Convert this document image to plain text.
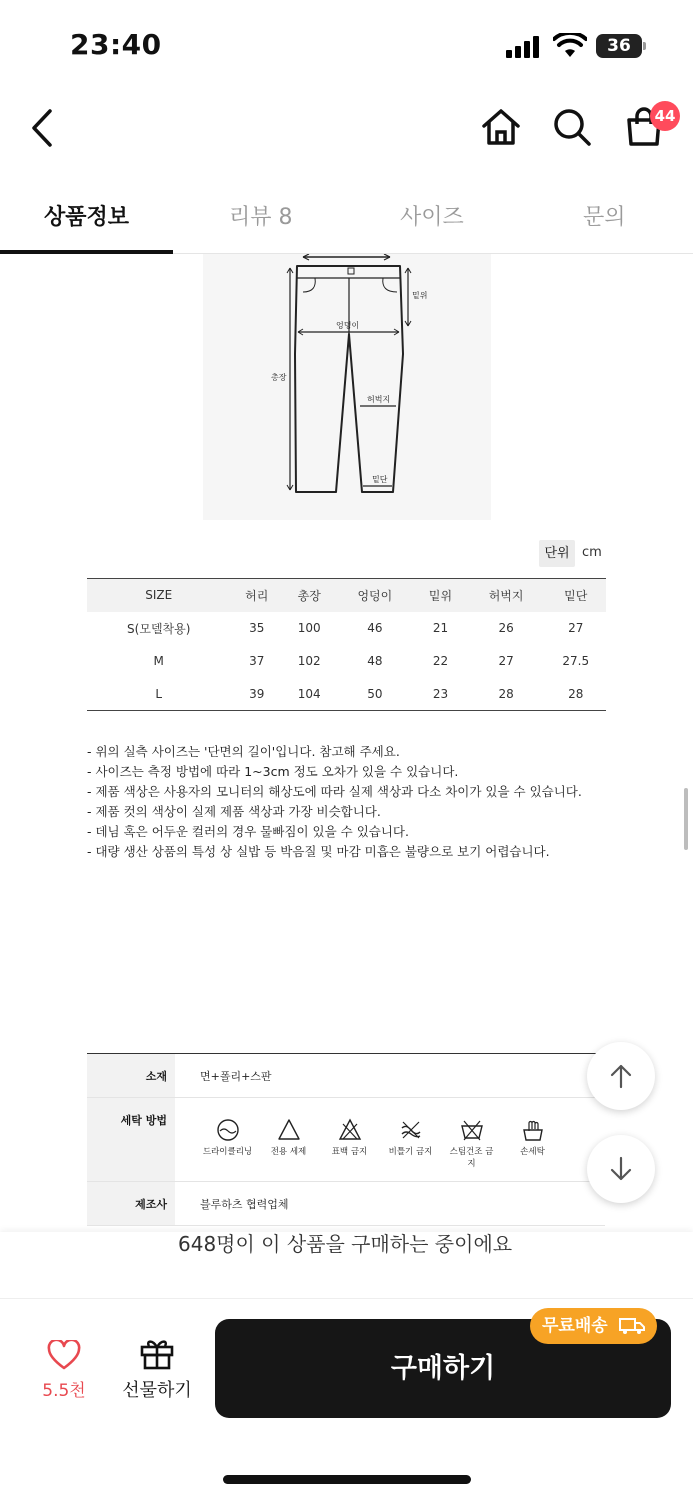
23:40	36
44
상품정보	리뷰 8	사이즈	문의
밑위
엉덩이
총장
허벅지
밑단
단위 cm
SIZE	허리	총장	엉덩이	밑위	허벅지	밑단
S(모델착용)	35	100	46	21	26	27
M	37	102	48	22	27	27.5
L	39	104	50	23	28	28
- 위의 실측 사이즈는 '단면의 길이'입니다. 참고해 주세요.
- 사이즈는 측정 방법에 따라 1~3cm 정도 오차가 있을 수 있습니다.
- 제품 색상은 사용자의 모니터의 해상도에 따라 실제 색상과 다소 차이가 있을 수 있습니다.
- 제품 컷의 색상이 실제 제품 색상과 가장 비슷합니다.
- 데님 혹은 어두운 컬러의 경우 물빠짐이 있을 수 있습니다.
- 대량 생산 상품의 특성 상 실밥 등 박음질 및 마감 미흡은 불량으로 보기 어렵습니다.
소재	면+폴리+스판
세탁 방법
드라이클리닝	전용 세제	표백 금지	비틀기 금지	스팀건조 금
지
손세탁
제조사	블루하츠 협력업체
648명이 이 상품을 구매하는 중이에요
5.5천	선물하기
구매하기
무료배송
